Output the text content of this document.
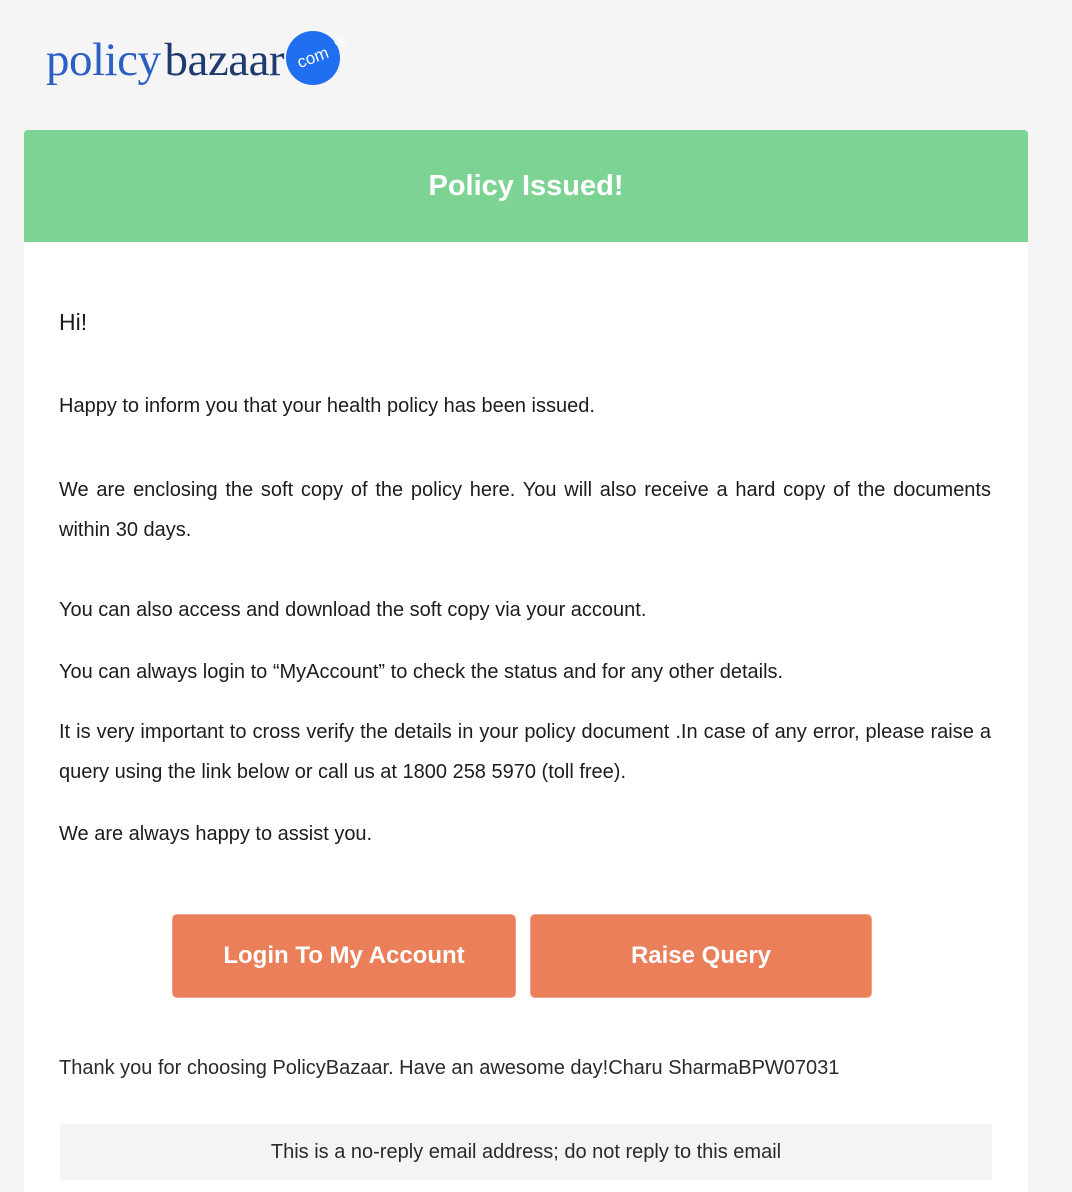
policy bazaar com
®
Policy Issued!

Hi!

Happy to inform you that your health policy has been issued.

We are enclosing the soft copy of the policy here. You will also receive a hard copy of the documents within 30 days.

You can also access and download the soft copy via your account.

You can always login to “MyAccount” to check the status and for any other details.

It is very important to cross verify the details in your policy document .In case of any error, please raise a query using the link below or call us at 1800 258 5970 (toll free).

We are always happy to assist you.

Login To My Account	Raise Query
Thank you for choosing PolicyBazaar. Have an awesome day!Charu SharmaBPW07031
This is a no-reply email address; do not reply to this email
